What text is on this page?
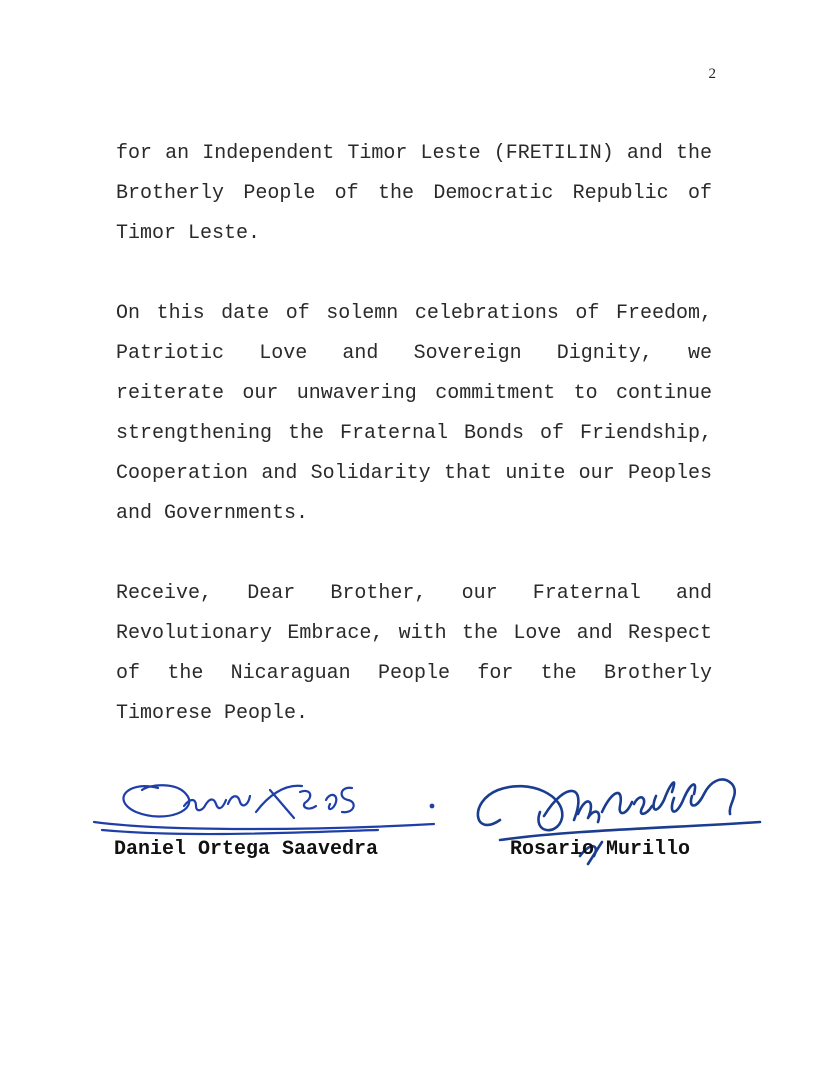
2

for an Independent Timor Leste (FRETILIN) and the Brotherly People of the Democratic Republic of Timor Leste.

On this date of solemn celebrations of Freedom, Patriotic Love and Sovereign Dignity, we reiterate our unwavering commitment to continue strengthening the Fraternal Bonds of Friendship, Cooperation and Solidarity that unite our Peoples and Governments.

Receive, Dear Brother, our Fraternal and Revolutionary Embrace, with the Love and Respect of the Nicaraguan People for the Brotherly Timorese People.

Daniel Ortega Saavedra	Rosario Murillo
